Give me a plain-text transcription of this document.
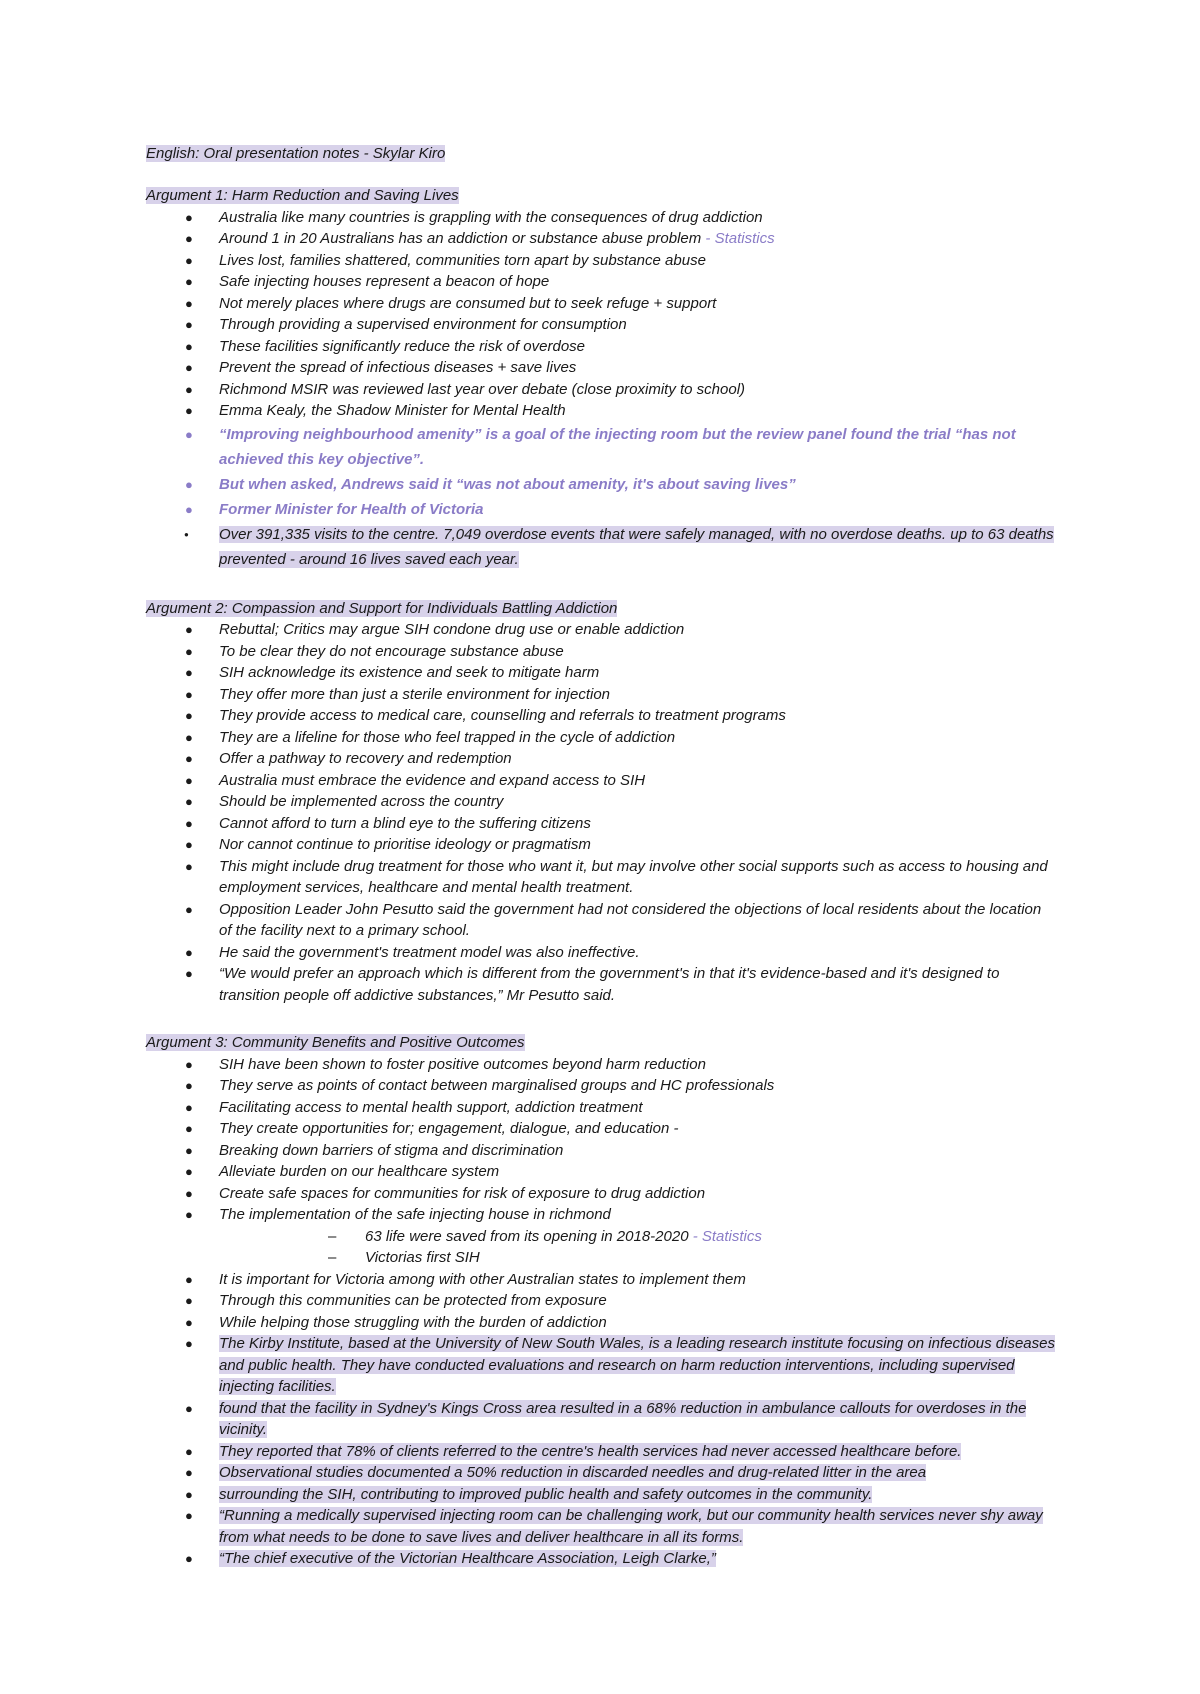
English: Oral presentation notes - Skylar Kiro
Argument 1: Harm Reduction and Saving Lives
● Australia like many countries is grappling with the consequences of drug addiction
● Around 1 in 20 Australians has an addiction or substance abuse problem - Statistics
● Lives lost, families shattered, communities torn apart by substance abuse
● Safe injecting houses represent a beacon of hope
● Not merely places where drugs are consumed but to seek refuge + support
● Through providing a supervised environment for consumption
● These facilities significantly reduce the risk of overdose
● Prevent the spread of infectious diseases + save lives
● Richmond MSIR was reviewed last year over debate (close proximity to school)
● Emma Kealy, the Shadow Minister for Mental Health
● “Improving neighbourhood amenity” is a goal of the injecting room but the review panel found the trial “has not achieved this key objective”.
● But when asked, Andrews said it “was not about amenity, it's about saving lives”
● Former Minister for Health of Victoria
● Over 391,335 visits to the centre. 7,049 overdose events that were safely managed, with no overdose deaths. up to 63 deaths prevented - around 16 lives saved each year.
Argument 2: Compassion and Support for Individuals Battling Addiction
● Rebuttal; Critics may argue SIH condone drug use or enable addiction
● To be clear they do not encourage substance abuse
● SIH acknowledge its existence and seek to mitigate harm
● They offer more than just a sterile environment for injection
● They provide access to medical care, counselling and referrals to treatment programs
● They are a lifeline for those who feel trapped in the cycle of addiction
● Offer a pathway to recovery and redemption
● Australia must embrace the evidence and expand access to SIH
● Should be implemented across the country
● Cannot afford to turn a blind eye to the suffering citizens
● Nor cannot continue to prioritise ideology or pragmatism
● This might include drug treatment for those who want it, but may involve other social supports such as access to housing and employment services, healthcare and mental health treatment.
● Opposition Leader John Pesutto said the government had not considered the objections of local residents about the location of the facility next to a primary school.
● He said the government's treatment model was also ineffective.
● “We would prefer an approach which is different from the government's in that it's evidence-based and it's designed to transition people off addictive substances,” Mr Pesutto said.
Argument 3: Community Benefits and Positive Outcomes
● SIH have been shown to foster positive outcomes beyond harm reduction
● They serve as points of contact between marginalised groups and HC professionals
● Facilitating access to mental health support, addiction treatment
● They create opportunities for; engagement, dialogue, and education -
● Breaking down barriers of stigma and discrimination
● Alleviate burden on our healthcare system
● Create safe spaces for communities for risk of exposure to drug addiction
● The implementation of the safe injecting house in richmond
– 63 life were saved from its opening in 2018-2020 - Statistics
– Victorias first SIH
● It is important for Victoria among with other Australian states to implement them
● Through this communities can be protected from exposure
● While helping those struggling with the burden of addiction
● The Kirby Institute, based at the University of New South Wales, is a leading research institute focusing on infectious diseases and public health. They have conducted evaluations and research on harm reduction interventions, including supervised injecting facilities.
● found that the facility in Sydney's Kings Cross area resulted in a 68% reduction in ambulance callouts for overdoses in the vicinity.
● They reported that 78% of clients referred to the centre's health services had never accessed healthcare before.
● Observational studies documented a 50% reduction in discarded needles and drug-related litter in the area
● surrounding the SIH, contributing to improved public health and safety outcomes in the community.
● “Running a medically supervised injecting room can be challenging work, but our community health services never shy away from what needs to be done to save lives and deliver healthcare in all its forms.
● “The chief executive of the Victorian Healthcare Association, Leigh Clarke,”
